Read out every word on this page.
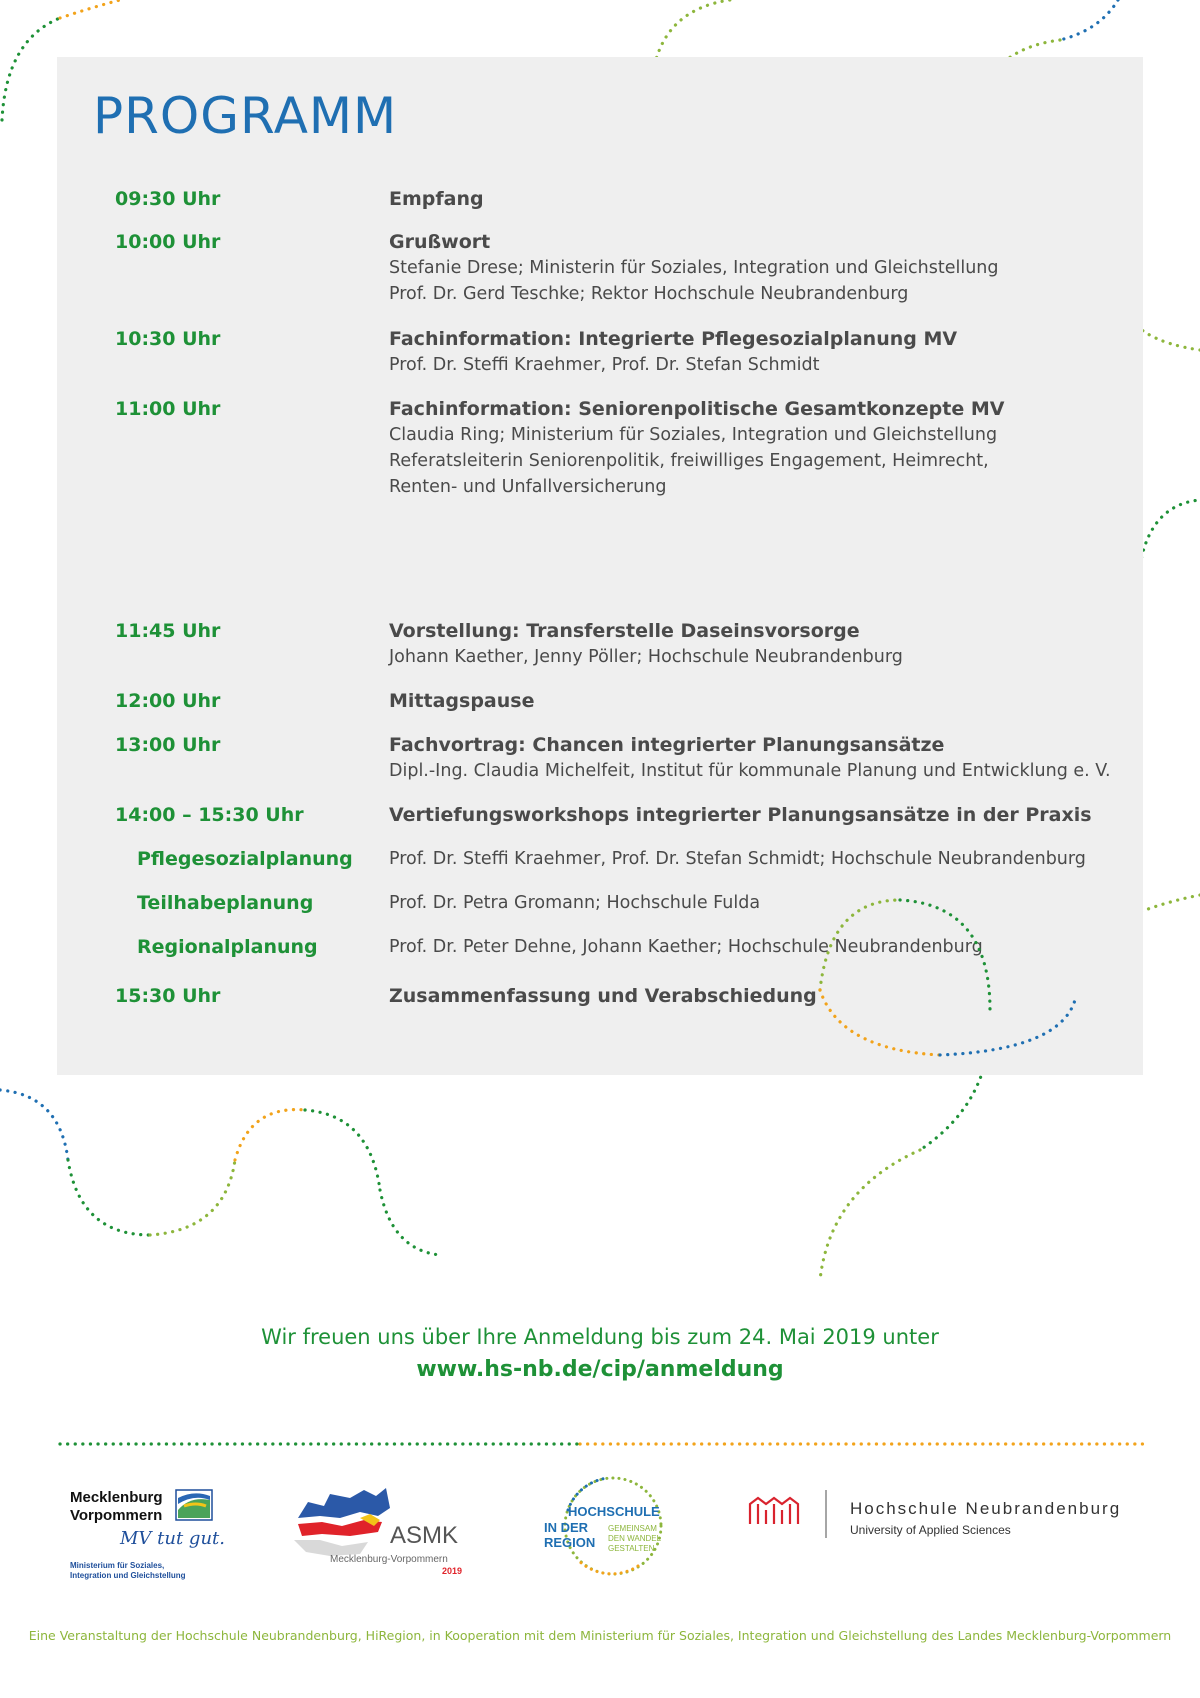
PROGRAMM
09:30 Uhr	Empfang
10:00 Uhr	Grußwort
Stefanie Drese; Ministerin für Soziales, Integration und Gleichstellung
Prof. Dr. Gerd Teschke; Rektor Hochschule Neubrandenburg
10:30 Uhr	Fachinformation: Integrierte Pflegesozialplanung MV
Prof. Dr. Steffi Kraehmer, Prof. Dr. Stefan Schmidt
11:00 Uhr	Fachinformation: Seniorenpolitische Gesamtkonzepte MV
Claudia Ring; Ministerium für Soziales, Integration und Gleichstellung
Referatsleiterin Seniorenpolitik, freiwilliges Engagement, Heimrecht,
Renten- und Unfallversicherung
11:45 Uhr	Vorstellung: Transferstelle Daseinsvorsorge
Johann Kaether, Jenny Pöller; Hochschule Neubrandenburg
12:00 Uhr	Mittagspause
13:00 Uhr	Fachvortrag: Chancen integrierter Planungsansätze
Dipl.-Ing. Claudia Michelfeit, Institut für kommunale Planung und Entwicklung e. V.
14:00 – 15:30 Uhr	Vertiefungsworkshops integrierter Planungsansätze in der Praxis
Pflegesozialplanung	Prof. Dr. Steffi Kraehmer, Prof. Dr. Stefan Schmidt; Hochschule Neubrandenburg
Teilhabeplanung	Prof. Dr. Petra Gromann; Hochschule Fulda
Regionalplanung	Prof. Dr. Peter Dehne, Johann Kaether; Hochschule Neubrandenburg
15:30 Uhr	Zusammenfassung und Verabschiedung
Wir freuen uns über Ihre Anmeldung bis zum 24. Mai 2019 unter
www.hs-nb.de/cip/anmeldung
Mecklenburg
Vorpommern
MV tut gut.
Ministerium für Soziales,
Integration und Gleichstellung
ASMK
Mecklenburg-Vorpommern
2019
HOCHSCHULE
IN DER
REGION
GEMEINSAM
DEN WANDEL
GESTALTEN
Hochschule Neubrandenburg
University of Applied Sciences
Eine Veranstaltung der Hochschule Neubrandenburg, HiRegion, in Kooperation mit dem Ministerium für Soziales, Integration und Gleichstellung des Landes Mecklenburg-Vorpommern
